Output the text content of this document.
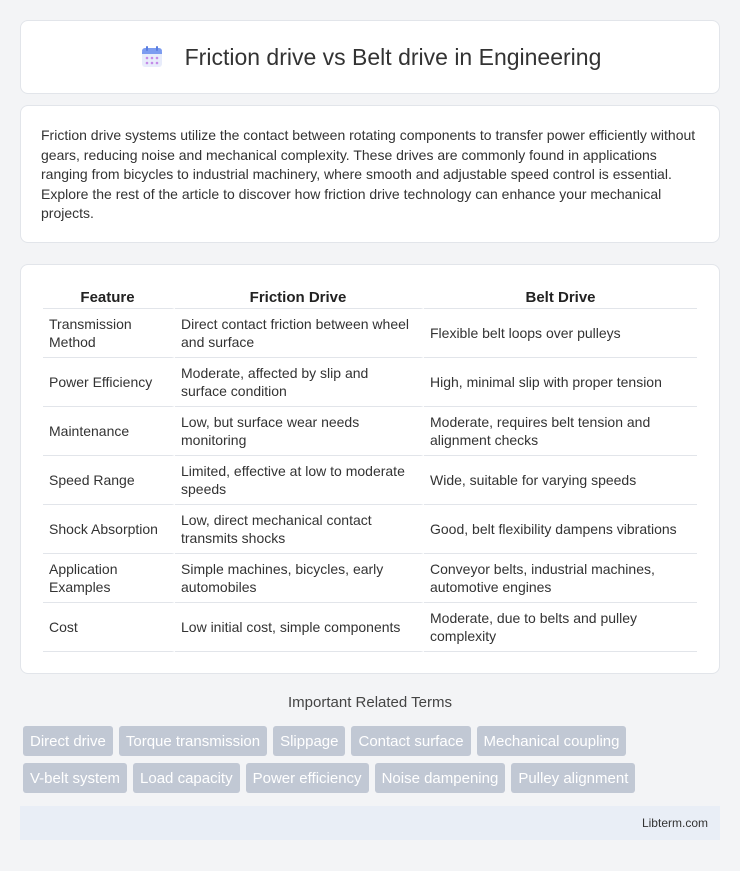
Friction drive vs Belt drive in Engineering

Friction drive systems utilize the contact between rotating components to transfer power efficiently without gears, reducing noise and mechanical complexity. These drives are commonly found in applications ranging from bicycles to industrial machinery, where smooth and adjustable speed control is essential. Explore the rest of the article to discover how friction drive technology can enhance your mechanical projects.

Feature	Friction Drive	Belt Drive
Transmission Method	Direct contact friction between wheel and surface	Flexible belt loops over pulleys
Power Efficiency	Moderate, affected by slip and surface condition	High, minimal slip with proper tension
Maintenance	Low, but surface wear needs monitoring	Moderate, requires belt tension and alignment checks
Speed Range	Limited, effective at low to moderate speeds	Wide, suitable for varying speeds
Shock Absorption	Low, direct mechanical contact transmits shocks	Good, belt flexibility dampens vibrations
Application Examples	Simple machines, bicycles, early automobiles	Conveyor belts, industrial machines, automotive engines
Cost	Low initial cost, simple components	Moderate, due to belts and pulley complexity
Important Related Terms
Direct drive	Torque transmission	Slippage	Contact surface	Mechanical coupling
V-belt system	Load capacity	Power efficiency	Noise dampening	Pulley alignment
Libterm.com
